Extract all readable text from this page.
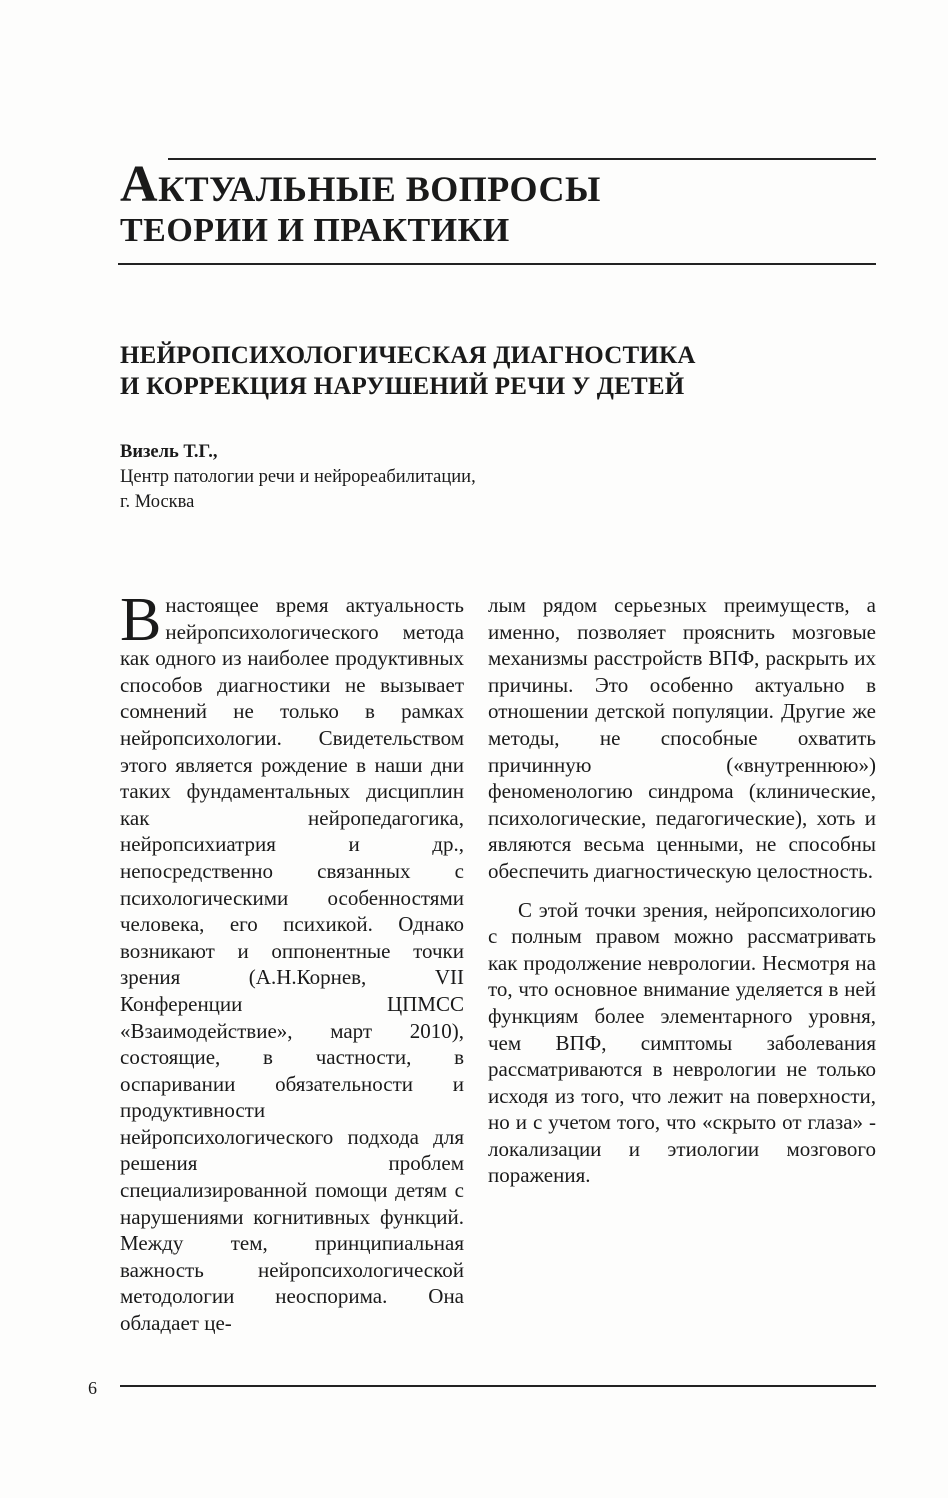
АКТУАЛЬНЫЕ ВОПРОСЫ
ТЕОРИИ И ПРАКТИКИ
НЕЙРОПСИХОЛОГИЧЕСКАЯ ДИАГНОСТИКА
И КОРРЕКЦИЯ НАРУШЕНИЙ РЕЧИ У ДЕТЕЙ
Визель Т.Г.,
Центр патологии речи и нейрореабилитации,
г. Москва

Внастоящее время актуальность нейропсихологического метода как одного из наиболее продуктивных способов диагностики не вызывает сомнений не только в рамках нейропсихологии. Свидетельством этого является рождение в наши дни таких фундаментальных дисциплин как нейропедагогика, нейропсихиатрия и др., непосредственно связанных с психологическими особенностями человека, его психикой. Однако возникают и оппонентные точки зрения (А.Н.Корнев, VII Конференции ЦПМСС «Взаимодействие», март 2010), состоящие, в частности, в оспаривании обязательности и продуктивности нейропсихологического подхода для решения проблем специализированной помощи детям с нарушениями когнитивных функций. Между тем, принципиальная важность нейропсихологической методологии неоспорима. Она обладает це-

лым рядом серьезных преимуществ, а именно, позволяет прояснить мозговые механизмы расстройств ВПФ, раскрыть их причины. Это особенно актуально в отношении детской популяции. Другие же методы, не способные охватить причинную («внутреннюю») феноменологию синдрома (клинические, психологические, педагогические), хоть и являются весьма ценными, не способны обеспечить диагностическую целостность.

С этой точки зрения, нейропсихологию с полным правом можно рассматривать как продолжение неврологии. Несмотря на то, что основное внимание уделяется в ней функциям более элементарного уровня, чем ВПФ, симптомы заболевания рассматриваются в неврологии не только исходя из того, что лежит на поверхности, но и с учетом того, что «скрыто от глаза» - локализации и этиологии мозгового поражения.

6
